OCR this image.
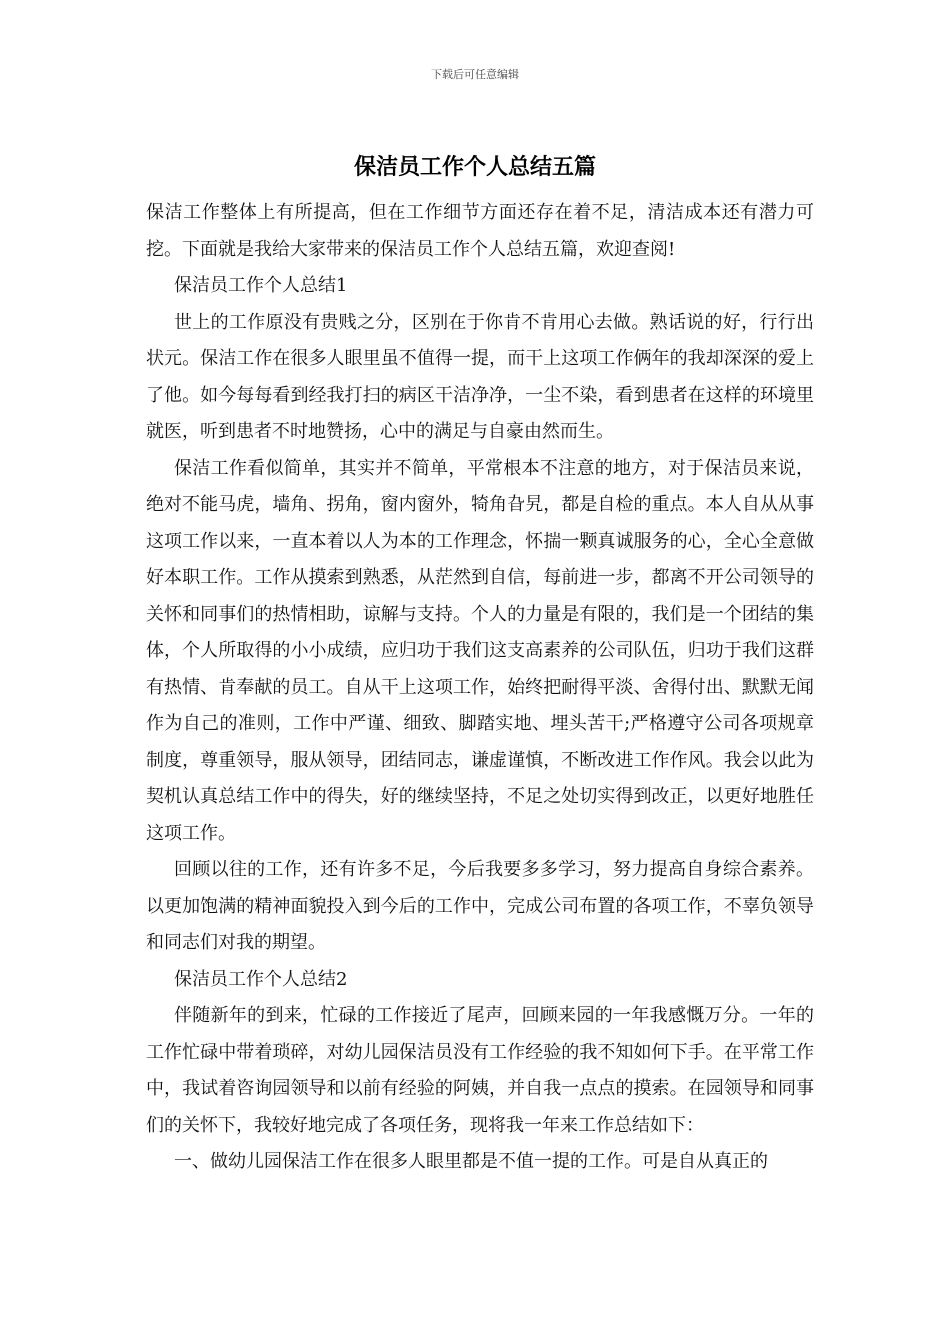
下载后可任意编辑
保洁员工作个人总结五篇

保洁工作整体上有所提高，但在工作细节方面还存在着不足，清洁成本还有潜力可挖。下面就是我给大家带来的保洁员工作个人总结五篇，欢迎查阅!

保洁员工作个人总结1

世上的工作原没有贵贱之分，区别在于你肯不肯用心去做。熟话说的好，行行出状元。保洁工作在很多人眼里虽不值得一提，而干上这项工作俩年的我却深深的爱上了他。如今每每看到经我打扫的病区干洁净净，一尘不染，看到患者在这样的环境里就医，听到患者不时地赞扬，心中的满足与自豪由然而生。

保洁工作看似简单，其实并不简单，平常根本不注意的地方，对于保洁员来说，绝对不能马虎，墙角、拐角，窗内窗外，犄角旮旯，都是自检的重点。本人自从从事这项工作以来，一直本着以人为本的工作理念，怀揣一颗真诚服务的心，全心全意做好本职工作。工作从摸索到熟悉，从茫然到自信，每前进一步，都离不开公司领导的关怀和同事们的热情相助，谅解与支持。个人的力量是有限的，我们是一个团结的集体，个人所取得的小小成绩，应归功于我们这支高素养的公司队伍，归功于我们这群有热情、肯奉献的员工。自从干上这项工作，始终把耐得平淡、舍得付出、默默无闻作为自己的准则，工作中严谨、细致、脚踏实地、埋头苦干;严格遵守公司各项规章制度，尊重领导，服从领导，团结同志，谦虚谨慎，不断改进工作作风。我会以此为契机认真总结工作中的得失，好的继续坚持，不足之处切实得到改正，以更好地胜任这项工作。

回顾以往的工作，还有许多不足，今后我要多多学习，努力提高自身综合素养。以更加饱满的精神面貌投入到今后的工作中，完成公司布置的各项工作，不辜负领导和同志们对我的期望。

保洁员工作个人总结2

伴随新年的到来，忙碌的工作接近了尾声，回顾来园的一年我感慨万分。一年的工作忙碌中带着琐碎，对幼儿园保洁员没有工作经验的我不知如何下手。在平常工作中，我试着咨询园领导和以前有经验的阿姨，并自我一点点的摸索。在园领导和同事们的关怀下，我较好地完成了各项任务，现将我一年来工作总结如下：

一、做幼儿园保洁工作在很多人眼里都是不值一提的工作。可是自从真正的
